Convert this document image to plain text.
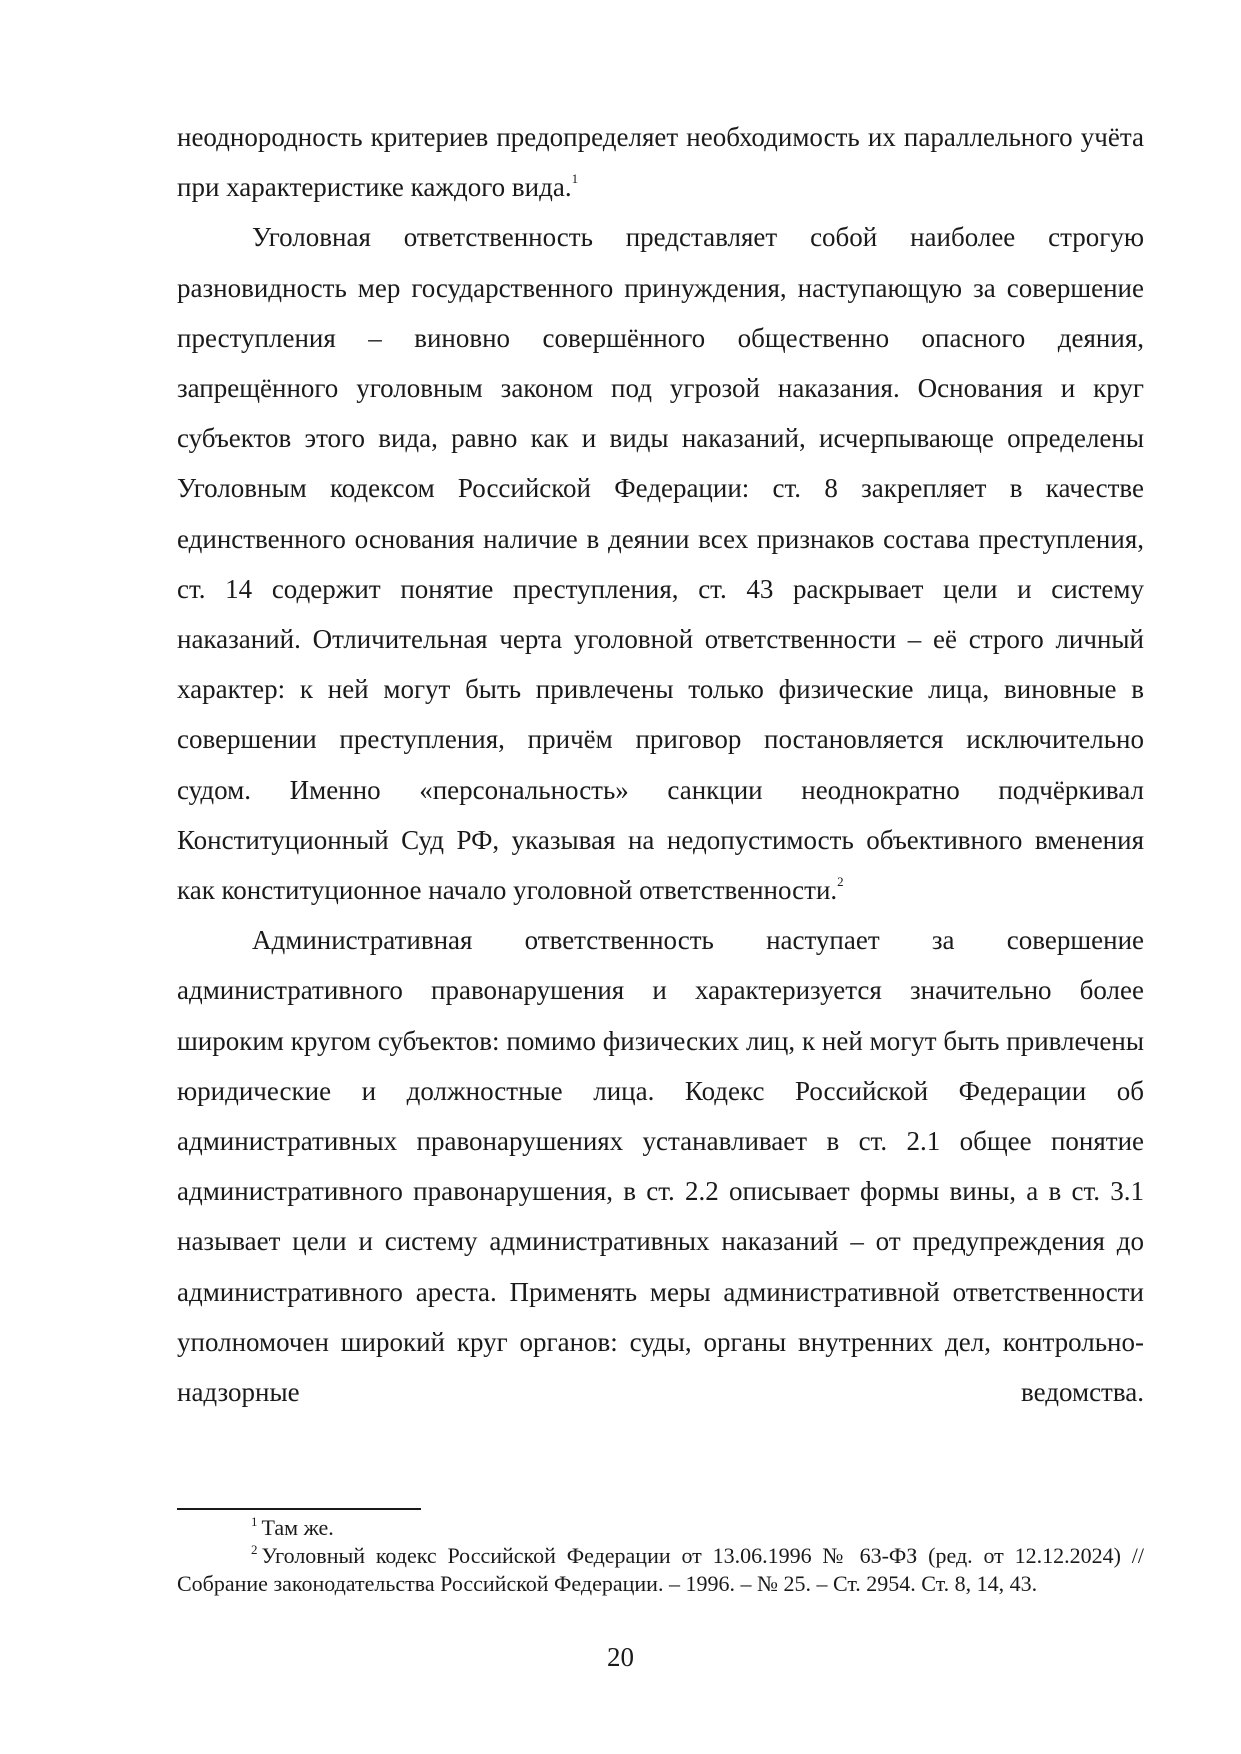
неоднородность критериев предопределяет необходимость их параллельного учёта при характеристике каждого вида.$^1$

Уголовная ответственность представляет собой наиболее строгую разновидность мер государственного принуждения, наступающую за совершение преступления – виновно совершённого общественно опасного деяния, запрещённого уголовным законом под угрозой наказания. Основания и круг субъектов этого вида, равно как и виды наказаний, исчерпывающе определены Уголовным кодексом Российской Федерации: ст. 8 закрепляет в качестве единственного основания наличие в деянии всех признаков состава преступления, ст. 14 содержит понятие преступления, ст. 43 раскрывает цели и систему наказаний. Отличительная черта уголовной ответственности – её строго личный характер: к ней могут быть привлечены только физические лица, виновные в совершении преступления, причём приговор постановляется исключительно судом. Именно «персональность» санкции неоднократно подчёркивал Конституционный Суд РФ, указывая на недопустимость объективного вменения как конституционное начало уголовной ответственности.$^2$

Административная ответственность наступает за совершение административного правонарушения и характеризуется значительно более широким кругом субъектов: помимо физических лиц, к ней могут быть привлечены юридические и должностные лица. Кодекс Российской Федерации об административных правонарушениях устанавливает в ст. 2.1 общее понятие административного правонарушения, в ст. 2.2 описывает формы вины, а в ст. 3.1 называет цели и систему административных наказаний – от предупреждения до административного ареста. Применять меры административной ответственности уполномочен широкий круг органов: суды, органы внутренних дел, контрольно-надзорные ведомства.

$^1$ Там же.

$^2$ Уголовный кодекс Российской Федерации от 13.06.1996 № 63-ФЗ (ред. от 12.12.2024) // Собрание законодательства Российской Федерации. – 1996. – № 25. – Ст. 2954. Ст. 8, 14, 43.

20
